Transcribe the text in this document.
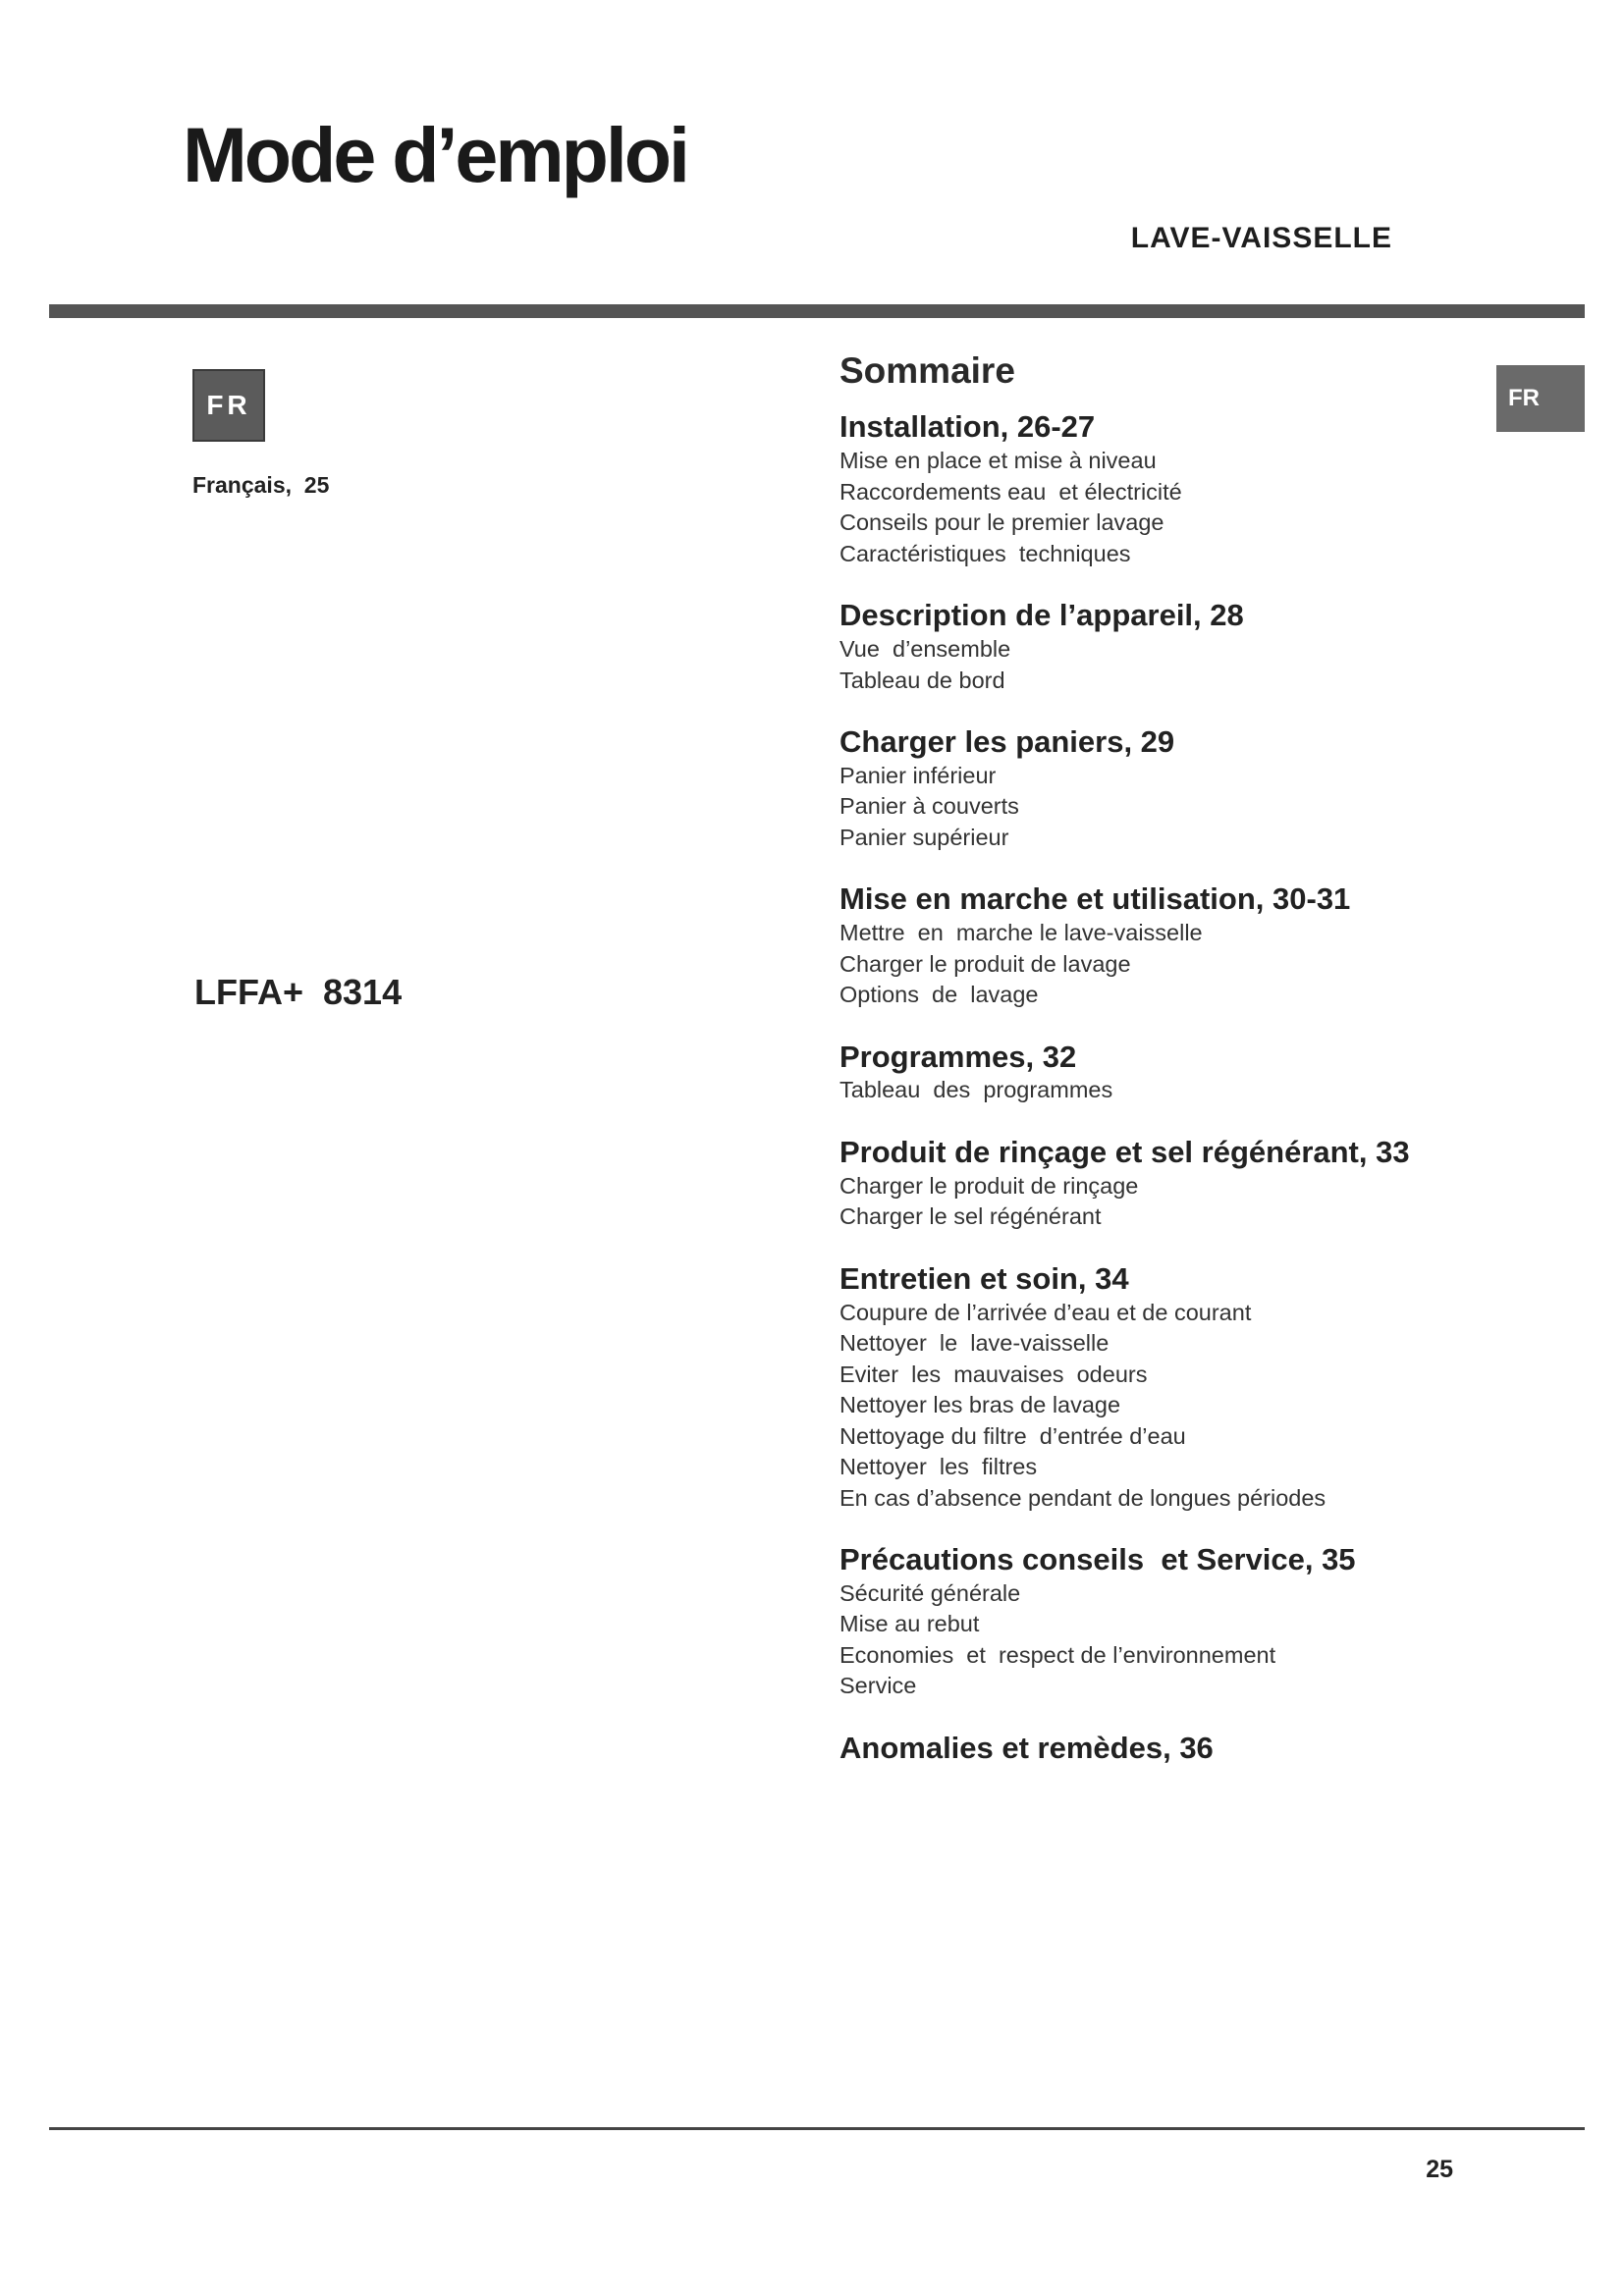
Mode d’emploi
LAVE-VAISSELLE
FR
Français,  25
LFFA+  8314
FR
Sommaire
Installation, 26-27
Mise en place et mise à niveau
Raccordements eau  et électricité
Conseils pour le premier lavage
Caractéristiques  techniques
Description de l’appareil, 28
Vue  d’ensemble
Tableau de bord
Charger les paniers, 29
Panier inférieur
Panier à couverts
Panier supérieur
Mise en marche et utilisation, 30-31
Mettre  en  marche le lave-vaisselle
Charger le produit de lavage
Options  de  lavage
Programmes, 32
Tableau  des  programmes
Produit de rinçage et sel régénérant, 33
Charger le produit de rinçage
Charger le sel régénérant
Entretien et soin, 34
Coupure de l’arrivée d’eau et de courant
Nettoyer  le  lave-vaisselle
Eviter  les  mauvaises  odeurs
Nettoyer les bras de lavage
Nettoyage du filtre  d’entrée d’eau
Nettoyer  les  filtres
En cas d’absence pendant de longues périodes
Précautions conseils  et Service, 35
Sécurité générale
Mise au rebut
Economies  et  respect de l’environnement
Service
Anomalies et remèdes, 36
25
